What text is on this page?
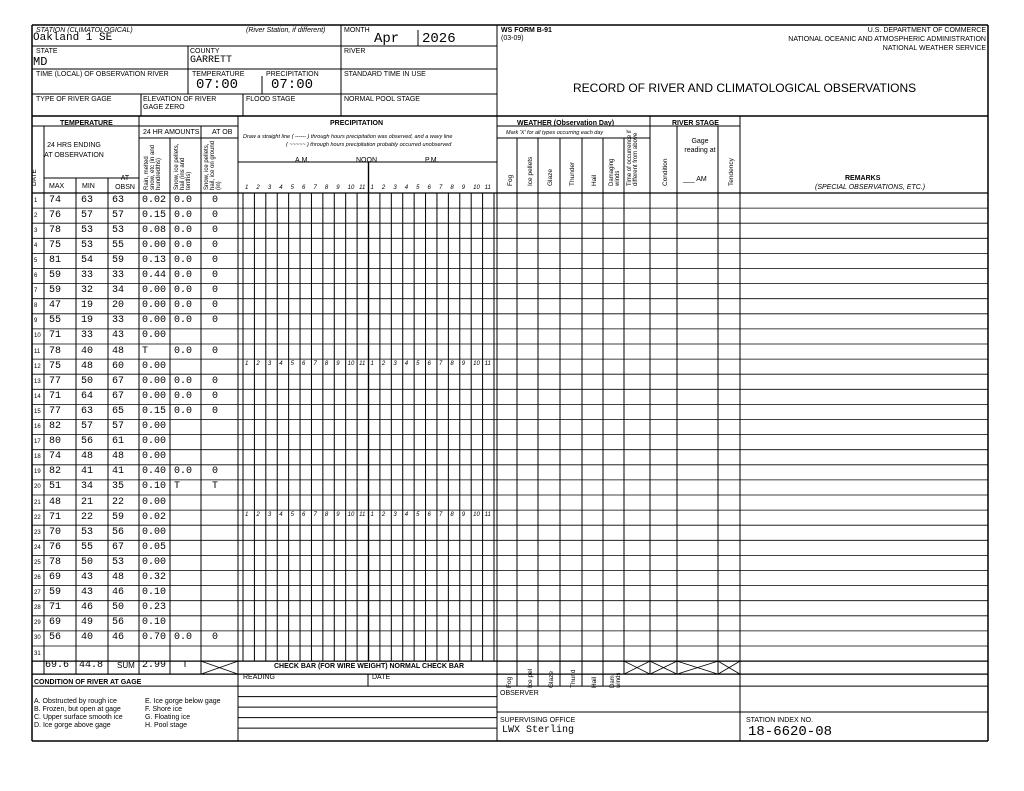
STATION (CLIMATOLOGICAL)
Oakland 1 SE
(River Station, if different)	MONTH
Apr 2026
WS FORM B-91
(03-09)
U.S. DEPARTMENT OF COMMERCE
NATIONAL OCEANIC AND ATMOSPHERIC ADMINISTRATION
NATIONAL WEATHER SERVICE
STATE
MD
COUNTY
GARRETT
RIVER
TIME (LOCAL) OF OBSERVATION RIVER	TEMPERATURE
07:00
PRECIPITATION
07:00
STANDARD TIME IN USE
RECORD OF RIVER AND CLIMATOLOGICAL OBSERVATIONS
TYPE OF RIVER GAGE	ELEVATION OF RIVER GAGE ZERO
FLOOD STAGE	NORMAL POOL STAGE
TEMPERATURE
24 HRS ENDING AT OBSERVATION
DATE
MAX	MIN
AT OBSN
24 HR AMOUNTS AT OB
Rain, melted snow, etc (in and hundredths) Snow, ice pellets, hail (ins and tenths) Snow, ice pellets, hail, ice on ground (in)
PRECIPITATION
Draw a straight line ( ------ ) through hours precipitation was observed, and a wavy line
( ~~~~~ ) through hours precipitation probably occurred unobserved
A.M.	NOON	P.M.
WEATHER (Observation Day)
Mark 'X' for all types occurring each day
Fog Ice pellets Glaze Thunder Hail Damaging winds Time of occurrence if different from above
RIVER STAGE
Condition
Gage reading at
___ AM	Tendency	REMARKS
(SPECIAL OBSERVATIONS, ETC.)
1 2 3 4 5 6 7 8 9 10 11 1 2 3 4 5 6 7 8 9 10 11
1 2 3 4 5 6 7 8 9 10 11 1 2 3 4 5 6 7 8 9 10 11
1 2 3 4 5 6 7 8 9 10 11 1 2 3 4 5 6 7 8 9 10 11
1 74 63 63 0.02 0.0 0
2 76 57 57 0.15 0.0 0
3 78 53 53 0.08 0.0 0
4 75 53 55 0.00 0.0 0
5 81 54 59 0.13 0.0 0
6 59 33 33 0.44 0.0 0
7 59 32 34 0.00 0.0 0
8 47 19 20 0.00 0.0 0
9 55 19 33 0.00 0.0 0
10 71 33 43 0.00
11 78 40 48 T	0.0 0
12 75 48 60 0.00
13 77 50 67 0.00 0.0 0
14 71 64 67 0.00 0.0 0
15 77 63 65 0.15 0.0 0
16 82 57 57 0.00
17 80 56 61 0.00
18 74 48 48 0.00
19 82 41 41 0.40 0.0 0
20 51 34 35 0.10 T	T
21 48 21 22 0.00
22 71 22 59 0.02
23 70 53 56 0.00
24 76 55 67 0.05
25 78 50 53 0.00
26 69 43 48 0.32
27 59 43 46 0.10
28 71 46 50 0.23
29 69 49 56 0.10
30 56 40 46 0.70 0.0 0
31
69.6 44.8 SUM 2.99 T	CHECK BAR (FOR WIRE WEIGHT) NORMAL CHECK BAR
READING	DATE	Fog Ice pel Glaze Thund Hail Dam winds
CONDITION OF RIVER AT GAGE
A. Obstructed by rough ice
B. Frozen, but open at gage
C. Upper surface smooth ice
D. Ice gorge above gage
E. Ice gorge below gage
F. Shore ice
G. Floating ice
H. Pool stage
OBSERVER
SUPERVISING OFFICE
LWX Sterling
STATION INDEX NO.
18-6620-08
